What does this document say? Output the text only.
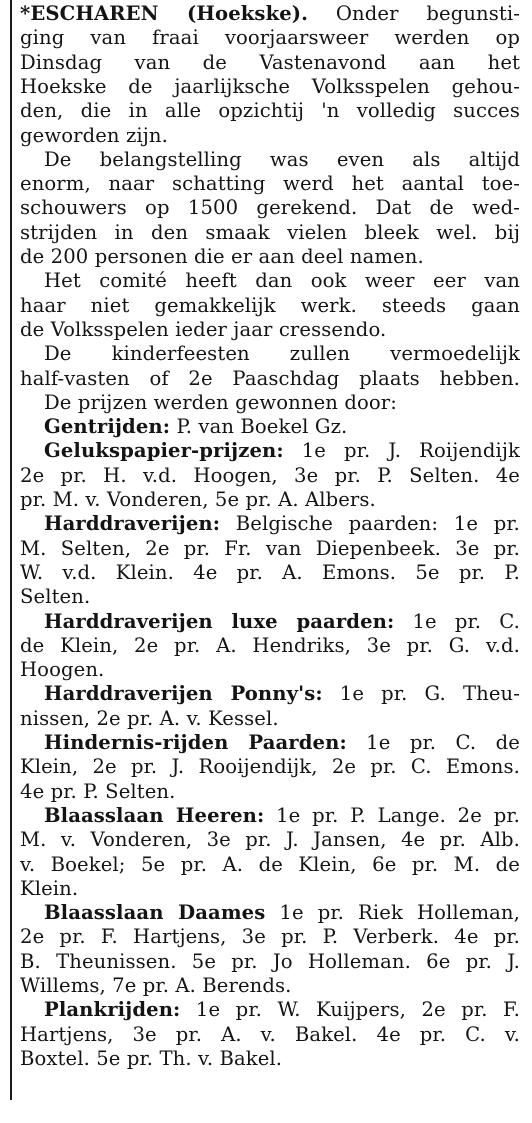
*ESCHAREN (Hoekske). Onder begunsti-
ging van fraai voorjaarsweer werden op
Dinsdag van de Vastenavond aan het
Hoekske de jaarlijksche Volksspelen gehou-
den, die in alle opzichtij 'n volledig succes
geworden zijn.
De belangstelling was even als altijd
enorm, naar schatting werd het aantal toe-
schouwers op 1500 gerekend. Dat de wed-
strijden in den smaak vielen bleek wel. bij
de 200 personen die er aan deel namen.
Het comité heeft dan ook weer eer van
haar niet gemakkelijk werk. steeds gaan
de Volksspelen ieder jaar cressendo.
De kinderfeesten zullen vermoedelijk
half-vasten of 2e Paaschdag plaats hebben.
De prijzen werden gewonnen door:
Gentrijden: P. van Boekel Gz.
Gelukspapier-prijzen: 1e pr. J. Roijendijk
2e pr. H. v.d. Hoogen, 3e pr. P. Selten. 4e
pr. M. v. Vonderen, 5e pr. A. Albers.
Harddraverijen: Belgische paarden: 1e pr.
M. Selten, 2e pr. Fr. van Diepenbeek. 3e pr.
W. v.d. Klein. 4e pr. A. Emons. 5e pr. P.
Selten.
Harddraverijen luxe paarden: 1e pr. C.
de Klein, 2e pr. A. Hendriks, 3e pr. G. v.d.
Hoogen.
Harddraverijen Ponny's: 1e pr. G. Theu-
nissen, 2e pr. A. v. Kessel.
Hindernis-rijden Paarden: 1e pr. C. de
Klein, 2e pr. J. Rooijendijk, 2e pr. C. Emons.
4e pr. P. Selten.
Blaasslaan Heeren: 1e pr. P. Lange. 2e pr.
M. v. Vonderen, 3e pr. J. Jansen, 4e pr. Alb.
v. Boekel; 5e pr. A. de Klein, 6e pr. M. de
Klein.
Blaasslaan Daames 1e pr. Riek Holleman,
2e pr. F. Hartjens, 3e pr. P. Verberk. 4e pr.
B. Theunissen. 5e pr. Jo Holleman. 6e pr. J.
Willems, 7e pr. A. Berends.
Plankrijden: 1e pr. W. Kuijpers, 2e pr. F.
Hartjens, 3e pr. A. v. Bakel. 4e pr. C. v.
Boxtel. 5e pr. Th. v. Bakel.
